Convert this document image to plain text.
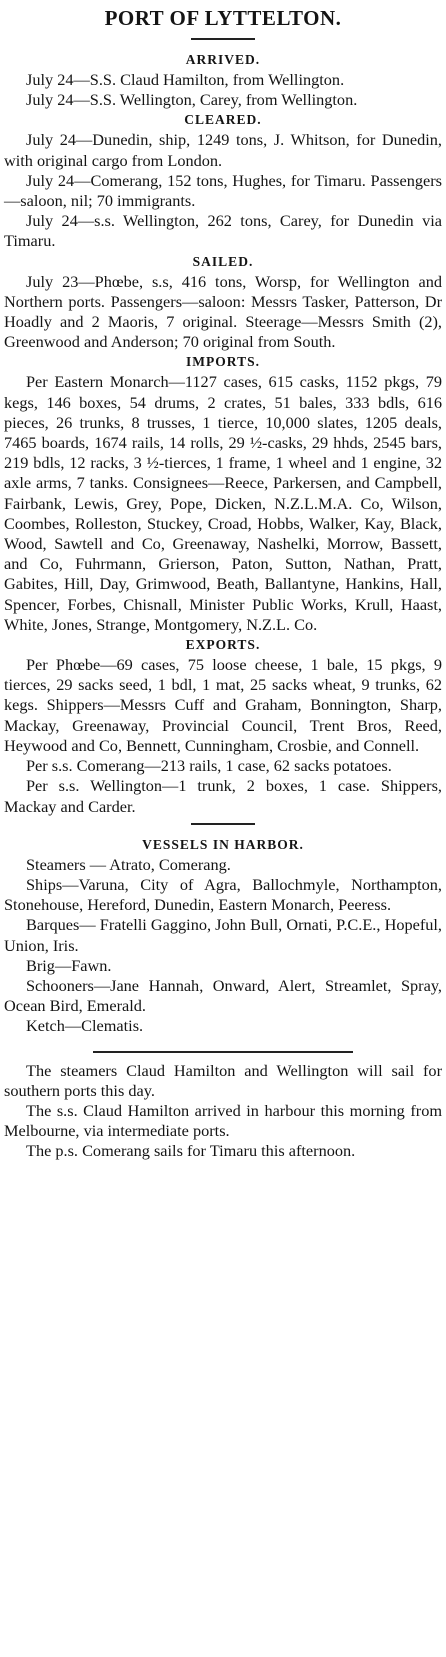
PORT OF LYTTELTON.
ARRIVED.

July 24—S.S. Claud Hamilton, from Wellington.

July 24—S.S. Wellington, Carey, from Wellington.

CLEARED.

July 24—Dunedin, ship, 1249 tons, J. Whitson, for Dunedin, with original cargo from London.

July 24—Comerang, 152 tons, Hughes, for Timaru. Passengers—saloon, nil; 70 immigrants.

July 24—s.s. Wellington, 262 tons, Carey, for Dunedin via Timaru.

SAILED.

July 23—Phœbe, s.s, 416 tons, Worsp, for Wellington and Northern ports. Passengers—saloon: Messrs Tasker, Patterson, Dr Hoadly and 2 Maoris, 7 original. Steerage—Messrs Smith (2), Greenwood and Anderson; 70 original from South.

IMPORTS.

Per Eastern Monarch—1127 cases, 615 casks, 1152 pkgs, 79 kegs, 146 boxes, 54 drums, 2 crates, 51 bales, 333 bdls, 616 pieces, 26 trunks, 8 trusses, 1 tierce, 10,000 slates, 1205 deals, 7465 boards, 1674 rails, 14 rolls, 29 ½-casks, 29 hhds, 2545 bars, 219 bdls, 12 racks, 3 ½-tierces, 1 frame, 1 wheel and 1 engine, 32 axle arms, 7 tanks. Consignees—Reece, Parkersen, and Campbell, Fairbank, Lewis, Grey, Pope, Dicken, N.Z.L.M.A. Co, Wilson, Coombes, Rolleston, Stuckey, Croad, Hobbs, Walker, Kay, Black, Wood, Sawtell and Co, Greenaway, Nashelki, Morrow, Bassett, and Co, Fuhrmann, Grierson, Paton, Sutton, Nathan, Pratt, Gabites, Hill, Day, Grimwood, Beath, Ballantyne, Hankins, Hall, Spencer, Forbes, Chisnall, Minister Public Works, Krull, Haast, White, Jones, Strange, Montgomery, N.Z.L. Co.

EXPORTS.

Per Phœbe—69 cases, 75 loose cheese, 1 bale, 15 pkgs, 9 tierces, 29 sacks seed, 1 bdl, 1 mat, 25 sacks wheat, 9 trunks, 62 kegs. Shippers—Messrs Cuff and Graham, Bonnington, Sharp, Mackay, Greenaway, Provincial Council, Trent Bros, Reed, Heywood and Co, Bennett, Cunningham, Crosbie, and Connell.

Per s.s. Comerang—213 rails, 1 case, 62 sacks potatoes.

Per s.s. Wellington—1 trunk, 2 boxes, 1 case. Shippers, Mackay and Carder.

VESSELS IN HARBOR.

Steamers — Atrato, Comerang.

Ships—Varuna, City of Agra, Ballochmyle, Northampton, Stonehouse, Hereford, Dunedin, Eastern Monarch, Peeress.

Barques— Fratelli Gaggino, John Bull, Ornati, P.C.E., Hopeful, Union, Iris.

Brig—Fawn.

Schooners—Jane Hannah, Onward, Alert, Streamlet, Spray, Ocean Bird, Emerald.

Ketch—Clematis.

The steamers Claud Hamilton and Wellington will sail for southern ports this day.

The s.s. Claud Hamilton arrived in harbour this morning from Melbourne, via intermediate ports.

The p.s. Comerang sails for Timaru this afternoon.
